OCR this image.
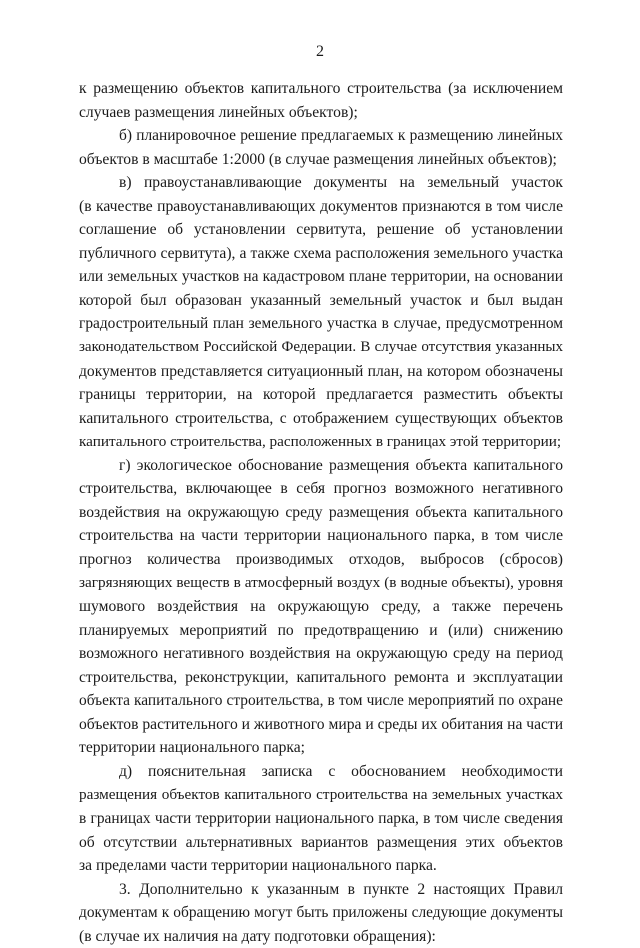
2
к размещению объектов капитального строительства (за исключением
случаев размещения линейных объектов);
б) планировочное решение предлагаемых к размещению линейных
объектов в масштабе 1:2000 (в случае размещения линейных объектов);
в) правоустанавливающие документы на земельный участок
(в качестве правоустанавливающих документов признаются в том числе
соглашение об установлении сервитута, решение об установлении
публичного сервитута), а также схема расположения земельного участка
или земельных участков на кадастровом плане территории, на основании
которой был образован указанный земельный участок и был выдан
градостроительный план земельного участка в случае, предусмотренном
законодательством Российской Федерации. В случае отсутствия указанных
документов представляется ситуационный план, на котором обозначены
границы территории, на которой предлагается разместить объекты
капитального строительства, с отображением существующих объектов
капитального строительства, расположенных в границах этой территории;
г) экологическое обоснование размещения объекта капитального
строительства, включающее в себя прогноз возможного негативного
воздействия на окружающую среду размещения объекта капитального
строительства на части территории национального парка, в том числе
прогноз количества производимых отходов, выбросов (сбросов)
загрязняющих веществ в атмосферный воздух (в водные объекты), уровня
шумового воздействия на окружающую среду, а также перечень
планируемых мероприятий по предотвращению и (или) снижению
возможного негативного воздействия на окружающую среду на период
строительства, реконструкции, капитального ремонта и эксплуатации
объекта капитального строительства, в том числе мероприятий по охране
объектов растительного и животного мира и среды их обитания на части
территории национального парка;
д) пояснительная записка с обоснованием необходимости
размещения объектов капитального строительства на земельных участках
в границах части территории национального парка, в том числе сведения
об отсутствии альтернативных вариантов размещения этих объектов
за пределами части территории национального парка.
3. Дополнительно к указанным в пункте 2 настоящих Правил
документам к обращению могут быть приложены следующие документы
(в случае их наличия на дату подготовки обращения):
